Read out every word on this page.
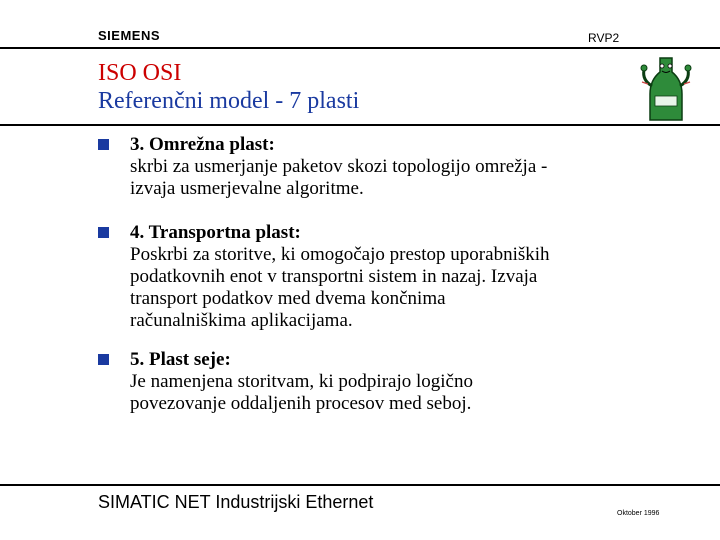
SIEMENS	RVP2
ISO OSI
Referenčni model - 7 plasti
3. Omrežna plast:
skrbi za usmerjanje paketov skozi topologijo omrežja -
izvaja usmerjevalne algoritme.
4. Transportna plast:
Poskrbi za storitve, ki omogočajo prestop uporabniških
podatkovnih enot v transportni sistem in nazaj. Izvaja
transport podatkov med dvema končnima
računalniškima aplikacijama.
5. Plast seje:
Je namenjena storitvam, ki podpirajo logično
povezovanje oddaljenih procesov med seboj.
SIMATIC NET Industrijski Ethernet
Oktober 1996
